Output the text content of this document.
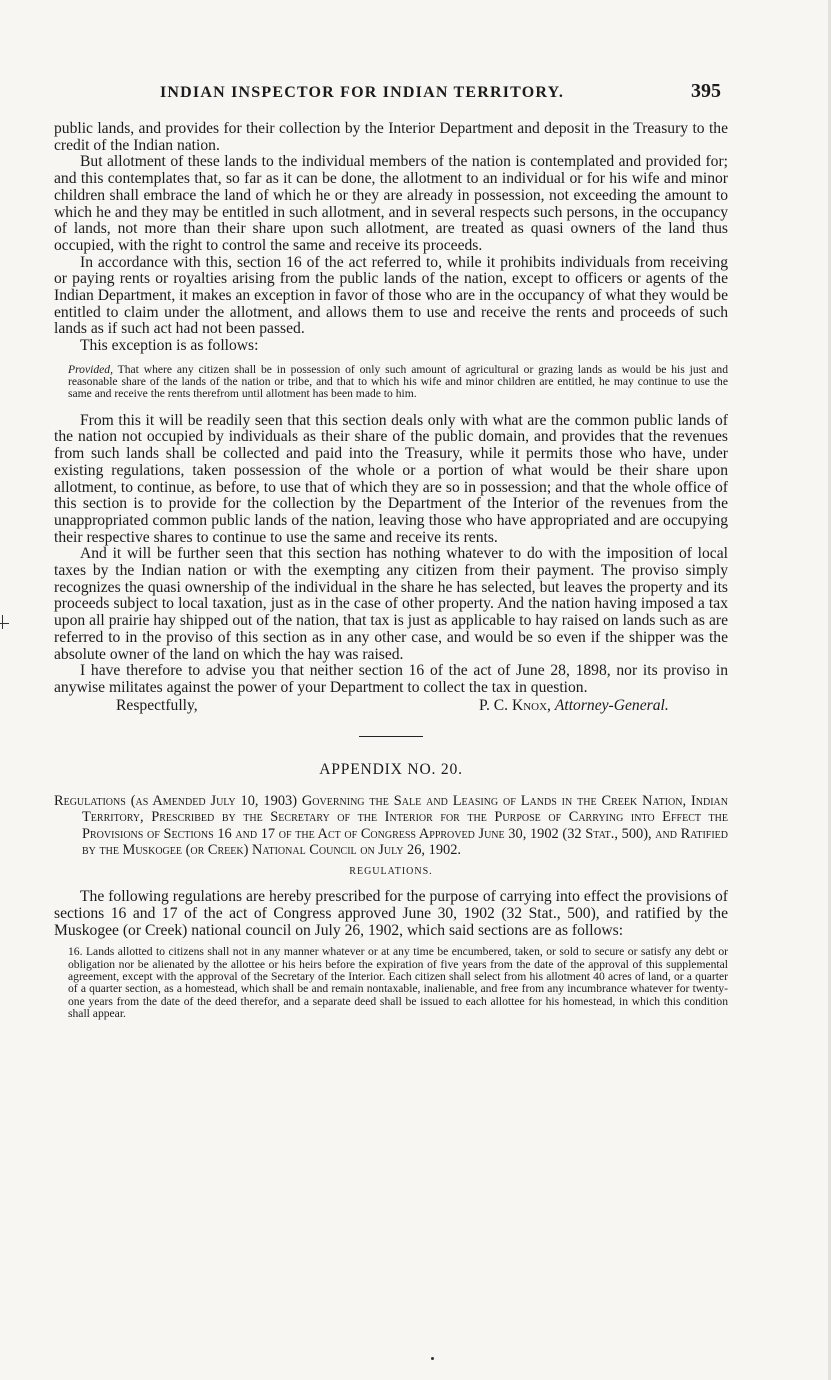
INDIAN INSPECTOR FOR INDIAN TERRITORY.	395

public lands, and provides for their collection by the Interior Department and deposit in the Treasury to the credit of the Indian nation.

But allotment of these lands to the individual members of the nation is contemplated and provided for; and this contemplates that, so far as it can be done, the allotment to an individual or for his wife and minor children shall embrace the land of which he or they are already in possession, not exceeding the amount to which he and they may be entitled in such allotment, and in several respects such persons, in the occupancy of lands, not more than their share upon such allotment, are treated as quasi owners of the land thus occupied, with the right to control the same and receive its proceeds.

In accordance with this, section 16 of the act referred to, while it prohibits individuals from receiving or paying rents or royalties arising from the public lands of the nation, except to officers or agents of the Indian Department, it makes an exception in favor of those who are in the occupancy of what they would be entitled to claim under the allotment, and allows them to use and receive the rents and proceeds of such lands as if such act had not been passed.

This exception is as follows:

Provided, That where any citizen shall be in possession of only such amount of agricultural or grazing lands as would be his just and reasonable share of the lands of the nation or tribe, and that to which his wife and minor children are entitled, he may continue to use the same and receive the rents therefrom until allotment has been made to him.

From this it will be readily seen that this section deals only with what are the common public lands of the nation not occupied by individuals as their share of the public domain, and provides that the revenues from such lands shall be collected and paid into the Treasury, while it permits those who have, under existing regulations, taken possession of the whole or a portion of what would be their share upon allotment, to continue, as before, to use that of which they are so in possession; and that the whole office of this section is to provide for the collection by the Department of the Interior of the revenues from the unappropriated common public lands of the nation, leaving those who have appropriated and are occupying their respective shares to continue to use the same and receive its rents.

And it will be further seen that this section has nothing whatever to do with the imposition of local taxes by the Indian nation or with the exempting any citizen from their payment. The proviso simply recognizes the quasi ownership of the individual in the share he has selected, but leaves the property and its proceeds subject to local taxation, just as in the case of other property. And the nation having imposed a tax upon all prairie hay shipped out of the nation, that tax is just as applicable to hay raised on lands such as are referred to in the proviso of this section as in any other case, and would be so even if the shipper was the absolute owner of the land on which the hay was raised.

I have therefore to advise you that neither section 16 of the act of June 28, 1898, nor its proviso in anywise militates against the power of your Department to collect the tax in question.

Respectfully,	P. C. Knox, Attorney-General.

APPENDIX NO. 20.

Regulations (as Amended July 10, 1903) Governing the Sale and Leasing of Lands in the Creek Nation, Indian Territory, Prescribed by the Secretary of the Interior for the Purpose of Carrying into Effect the Provisions of Sections 16 and 17 of the Act of Congress Approved June 30, 1902 (32 Stat., 500), and Ratified by the Muskogee (or Creek) National Council on July 26, 1902.

REGULATIONS.

The following regulations are hereby prescribed for the purpose of carrying into effect the provisions of sections 16 and 17 of the act of Congress approved June 30, 1902 (32 Stat., 500), and ratified by the Muskogee (or Creek) national council on July 26, 1902, which said sections are as follows:

16. Lands allotted to citizens shall not in any manner whatever or at any time be encumbered, taken, or sold to secure or satisfy any debt or obligation nor be alienated by the allottee or his heirs before the expiration of five years from the date of the approval of this supplemental agreement, except with the approval of the Secretary of the Interior. Each citizen shall select from his allotment 40 acres of land, or a quarter of a quarter section, as a homestead, which shall be and remain nontaxable, inalienable, and free from any incumbrance whatever for twenty-one years from the date of the deed therefor, and a separate deed shall be issued to each allottee for his homestead, in which this condition shall appear.
